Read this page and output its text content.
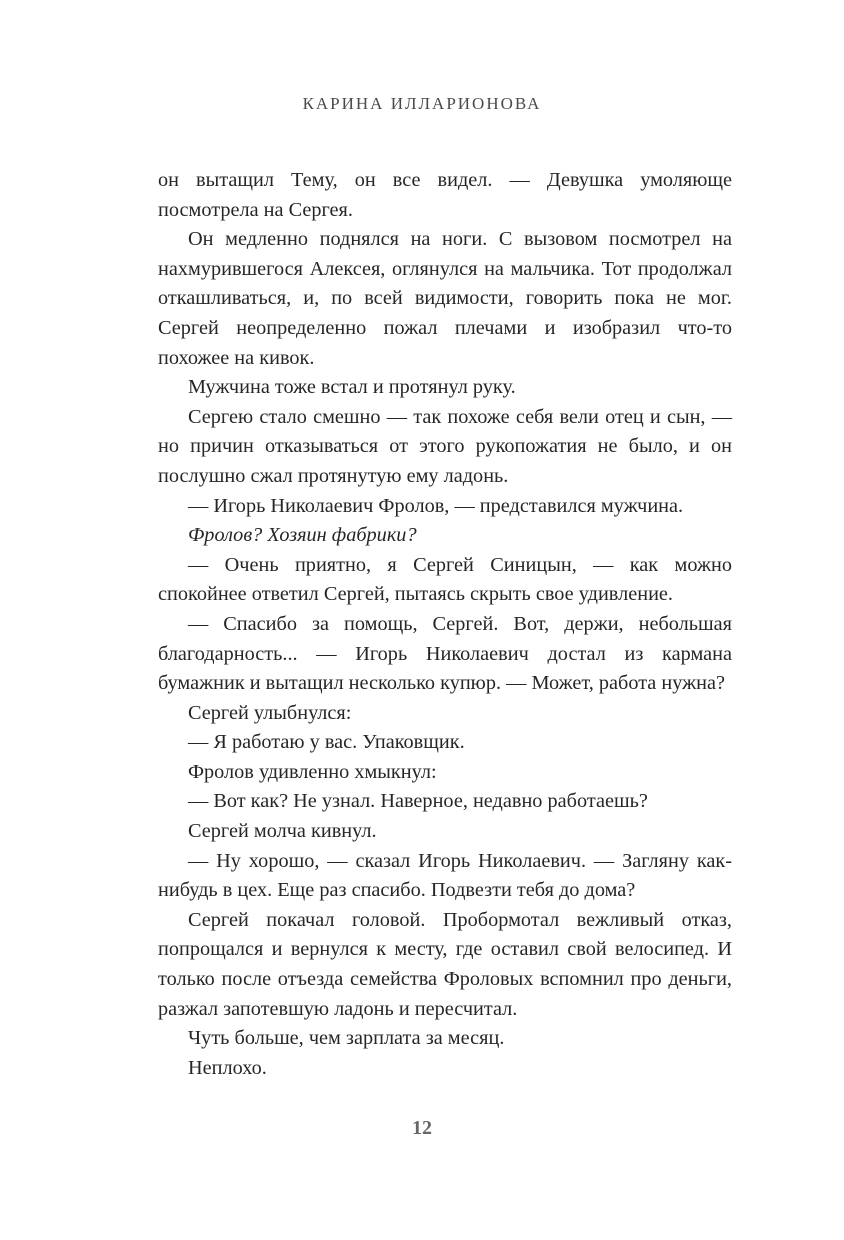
КАРИНА ИЛЛАРИОНОВА

он вытащил Тему, он все видел. — Девушка умоляюще посмотрела на Сергея.

Он медленно поднялся на ноги. С вызовом посмотрел на нахмурившегося Алексея, оглянулся на мальчика. Тот продолжал откашливаться, и, по всей видимости, говорить пока не мог. Сергей неопределенно пожал плечами и изобразил что-то похожее на кивок.

Мужчина тоже встал и протянул руку.

Сергею стало смешно — так похоже себя вели отец и сын, — но причин отказываться от этого рукопожатия не было, и он послушно сжал протянутую ему ладонь.

— Игорь Николаевич Фролов, — представился мужчина.

Фролов? Хозяин фабрики?

— Очень приятно, я Сергей Синицын, — как можно спокойнее ответил Сергей, пытаясь скрыть свое удивление.

— Спасибо за помощь, Сергей. Вот, держи, небольшая благодарность... — Игорь Николаевич достал из кармана бумажник и вытащил несколько купюр. — Может, работа нужна?

Сергей улыбнулся:

— Я работаю у вас. Упаковщик.

Фролов удивленно хмыкнул:

— Вот как? Не узнал. Наверное, недавно работаешь?

Сергей молча кивнул.

— Ну хорошо, — сказал Игорь Николаевич. — Загляну как-нибудь в цех. Еще раз спасибо. Подвезти тебя до дома?

Сергей покачал головой. Пробормотал вежливый отказ, попрощался и вернулся к месту, где оставил свой велосипед. И только после отъезда семейства Фроловых вспомнил про деньги, разжал запотевшую ладонь и пересчитал.

Чуть больше, чем зарплата за месяц.

Неплохо.

12
